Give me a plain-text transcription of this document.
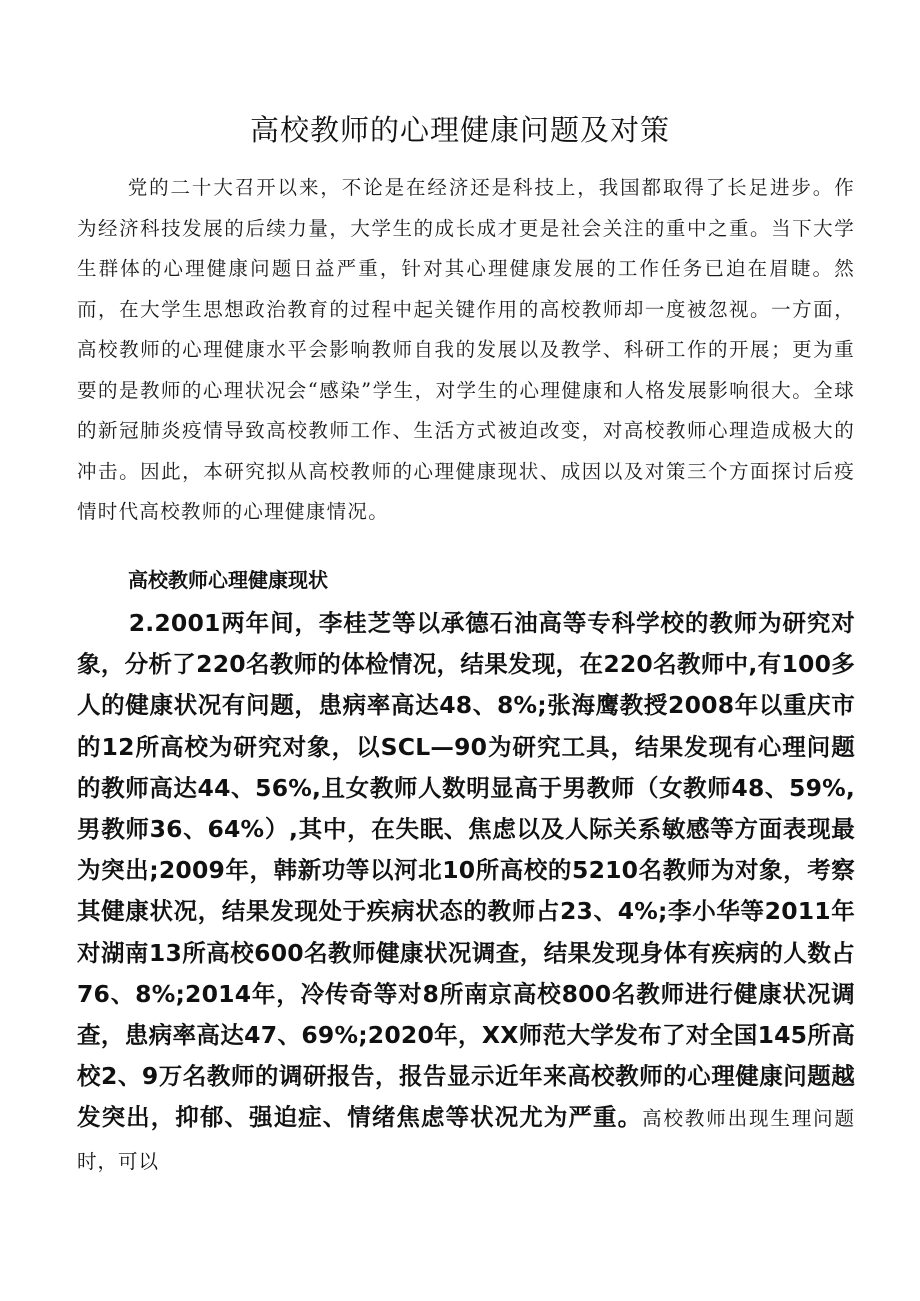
高校教师的心理健康问题及对策

党的二十大召开以来，不论是在经济还是科技上，我国都取得了长足进步。作为经济科技发展的后续力量，大学生的成长成才更是社会关注的重中之重。当下大学生群体的心理健康问题日益严重，针对其心理健康发展的工作任务已迫在眉睫。然而，在大学生思想政治教育的过程中起关键作用的高校教师却一度被忽视。一方面，高校教师的心理健康水平会影响教师自我的发展以及教学、科研工作的开展；更为重要的是教师的心理状况会“感染”学生，对学生的心理健康和人格发展影响很大。全球的新冠肺炎疫情导致高校教师工作、生活方式被迫改变，对高校教师心理造成极大的冲击。因此，本研究拟从高校教师的心理健康现状、成因以及对策三个方面探讨后疫情时代高校教师的心理健康情况。

高校教师心理健康现状

2.2001两年间，李桂芝等以承德石油高等专科学校的教师为研究对象，分析了220名教师的体检情况，结果发现，在220名教师中,有100多人的健康状况有问题，患病率高达48、8%;张海鹰教授2008年以重庆市的12所高校为研究对象，以SCL—90为研究工具，结果发现有心理问题的教师高达44、56%,且女教师人数明显高于男教师（女教师48、59%,男教师36、64%）,其中，在失眠、焦虑以及人际关系敏感等方面表现最为突出;2009年，韩新功等以河北10所高校的5210名教师为对象，考察其健康状况，结果发现处于疾病状态的教师占23、4%;李小华等2011年对湖南13所高校600名教师健康状况调查，结果发现身体有疾病的人数占76、8%;2014年，冷传奇等对8所南京高校800名教师进行健康状况调查，患病率高达47、69%;2020年，XX师范大学发布了对全国145所高校2、9万名教师的调研报告，报告显示近年来高校教师的心理健康问题越发突出，抑郁、强迫症、情绪焦虑等状况尤为严重。高校教师出现生理问题时，可以
